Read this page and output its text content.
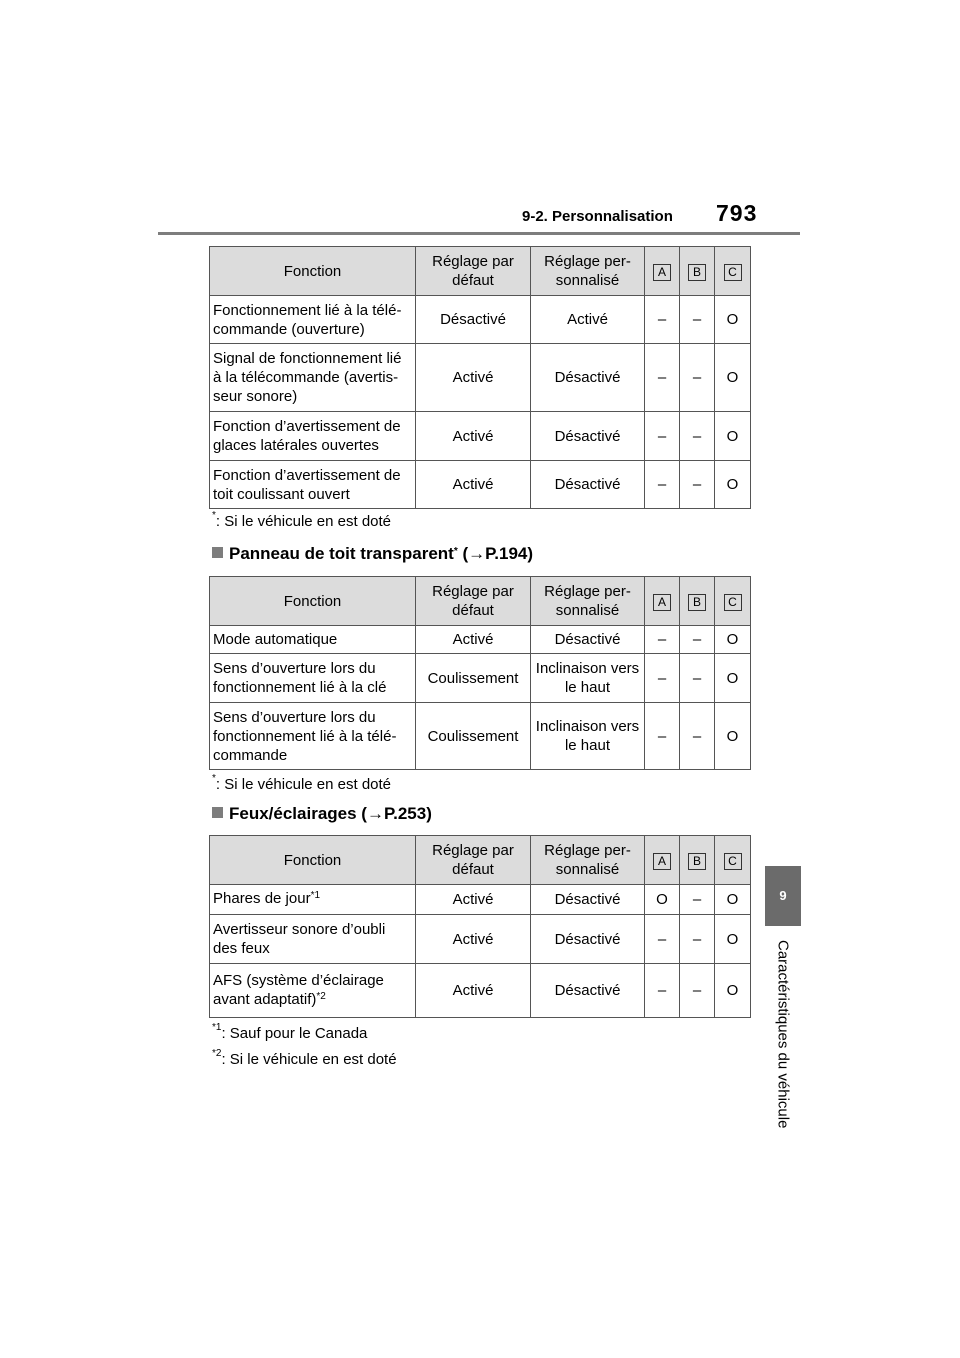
9-2. Personnalisation 793
9
Caractéristiques du véhicule
Fonction	Réglage par défaut	Réglage per-sonnalisé	A	B	C
Fonctionnement lié à la télé-commande (ouverture)	Désactivé	Activé	–	–	O
Signal de fonctionnement lié à la télécommande (avertis-seur sonore)	Activé	Désactivé	–	–	O
Fonction d’avertissement de glaces latérales ouvertes	Activé	Désactivé	–	–	O
Fonction d’avertissement de toit coulissant ouvert	Activé	Désactivé	–	–	O
*: Si le véhicule en est doté
Panneau de toit transparent* (→P.194)
Fonction	Réglage par défaut	Réglage per-sonnalisé	A	B	C
Mode automatique	Activé	Désactivé	–	–	O
Sens d’ouverture lors du fonctionnement lié à la clé	Coulissement	Inclinaison vers le haut	–	–	O
Sens d’ouverture lors du fonctionnement lié à la télé-commande	Coulissement	Inclinaison vers le haut	–	–	O
*: Si le véhicule en est doté
Feux/éclairages (→P.253)
Fonction	Réglage par défaut	Réglage per-sonnalisé	A	B	C
Phares de jour$^{*1}$	Activé	Désactivé	O	–	O
Avertisseur sonore d’oubli des feux	Activé	Désactivé	–	–	O
AFS (système d’éclairage avant adaptatif)$^{*2}$	Activé	Désactivé	–	–	O
$^{*1}$: Sauf pour le Canada
$^{*2}$: Si le véhicule en est doté
